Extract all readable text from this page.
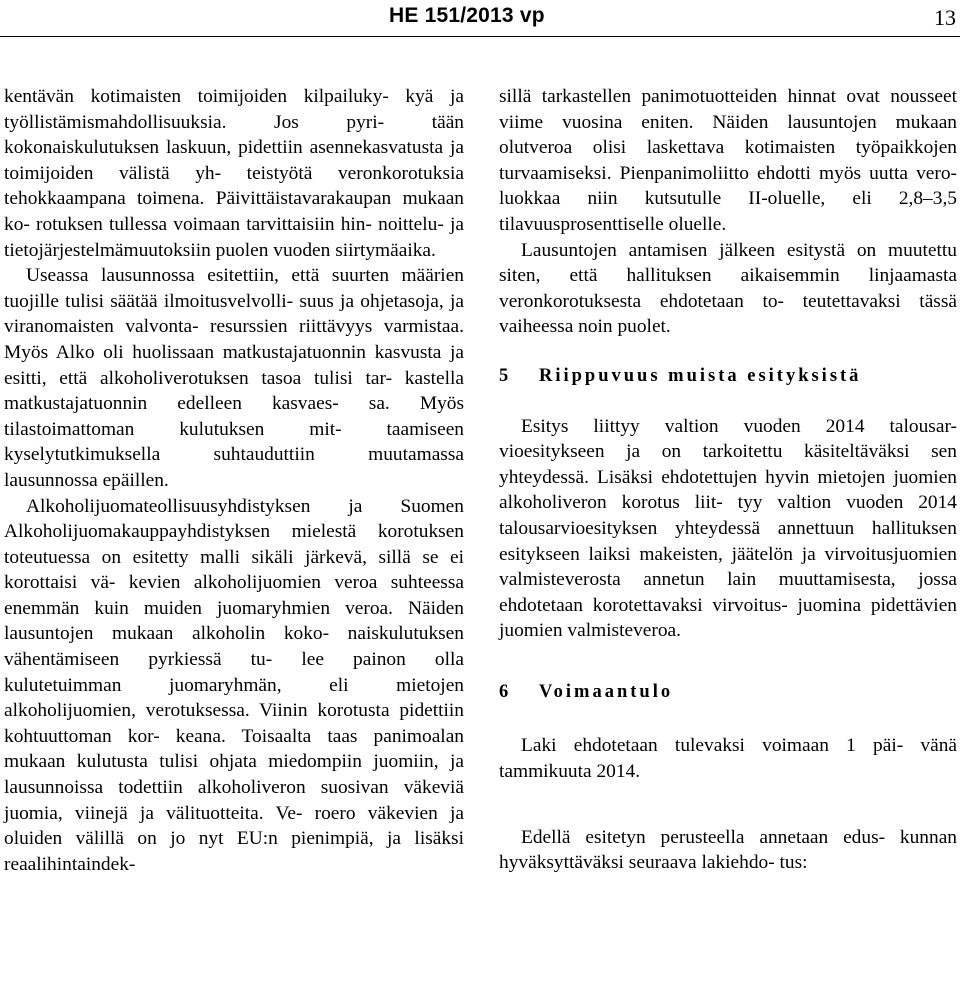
HE 151/2013 vp	13

kentävän kotimaisten toimijoiden kilpailuky- kyä ja työllistämismahdollisuuksia. Jos pyri- tään kokonaiskulutuksen laskuun, pidettiin asennekasvatusta ja toimijoiden välistä yh- teistyötä veronkorotuksia tehokkaampana toimena. Päivittäistavarakaupan mukaan ko- rotuksen tullessa voimaan tarvittaisiin hin- noittelu- ja tietojärjestelmämuutoksiin puolen vuoden siirtymäaika.

Useassa lausunnossa esitettiin, että suurten määrien tuojille tulisi säätää ilmoitusvelvolli- suus ja ohjetasoja, ja viranomaisten valvonta- resurssien riittävyys varmistaa. Myös Alko oli huolissaan matkustajatuonnin kasvusta ja esitti, että alkoholiverotuksen tasoa tulisi tar- kastella matkustajatuonnin edelleen kasvaes- sa. Myös tilastoimattoman kulutuksen mit- taamiseen kyselytutkimuksella suhtauduttiin muutamassa lausunnossa epäillen.

Alkoholijuomateollisuusyhdistyksen ja Suomen Alkoholijuomakauppayhdistyksen mielestä korotuksen toteutuessa on esitetty malli sikäli järkevä, sillä se ei korottaisi vä- kevien alkoholijuomien veroa suhteessa enemmän kuin muiden juomaryhmien veroa. Näiden lausuntojen mukaan alkoholin koko- naiskulutuksen vähentämiseen pyrkiessä tu- lee painon olla kulutetuimman juomaryhmän, eli mietojen alkoholijuomien, verotuksessa. Viinin korotusta pidettiin kohtuuttoman kor- keana. Toisaalta taas panimoalan mukaan kulutusta tulisi ohjata miedompiin juomiin, ja lausunnoissa todettiin alkoholiveron suosivan väkeviä juomia, viinejä ja välituotteita. Ve- roero väkevien ja oluiden välillä on jo nyt EU:n pienimpiä, ja lisäksi reaalihintaindek-

sillä tarkastellen panimotuotteiden hinnat ovat nousseet viime vuosina eniten. Näiden lausuntojen mukaan olutveroa olisi laskettava kotimaisten työpaikkojen turvaamiseksi. Pienpanimoliitto ehdotti myös uutta vero- luokkaa niin kutsutulle II-oluelle, eli 2,8–3,5 tilavuusprosenttiselle oluelle.

Lausuntojen antamisen jälkeen esitystä on muutettu siten, että hallituksen aikaisemmin linjaamasta veronkorotuksesta ehdotetaan to- teutettavaksi tässä vaiheessa noin puolet.

5 Riippuvuus muista esityksistä

Esitys liittyy valtion vuoden 2014 talousar- vioesitykseen ja on tarkoitettu käsiteltäväksi sen yhteydessä. Lisäksi ehdotettujen hyvin mietojen juomien alkoholiveron korotus liit- tyy valtion vuoden 2014 talousarvioesityksen yhteydessä annettuun hallituksen esitykseen laiksi makeisten, jäätelön ja virvoitusjuomien valmisteverosta annetun lain muuttamisesta, jossa ehdotetaan korotettavaksi virvoitus- juomina pidettävien juomien valmisteveroa.

6 Voimaantulo

Laki ehdotetaan tulevaksi voimaan 1 päi- vänä tammikuuta 2014.

Edellä esitetyn perusteella annetaan edus- kunnan hyväksyttäväksi seuraava lakiehdo- tus:
